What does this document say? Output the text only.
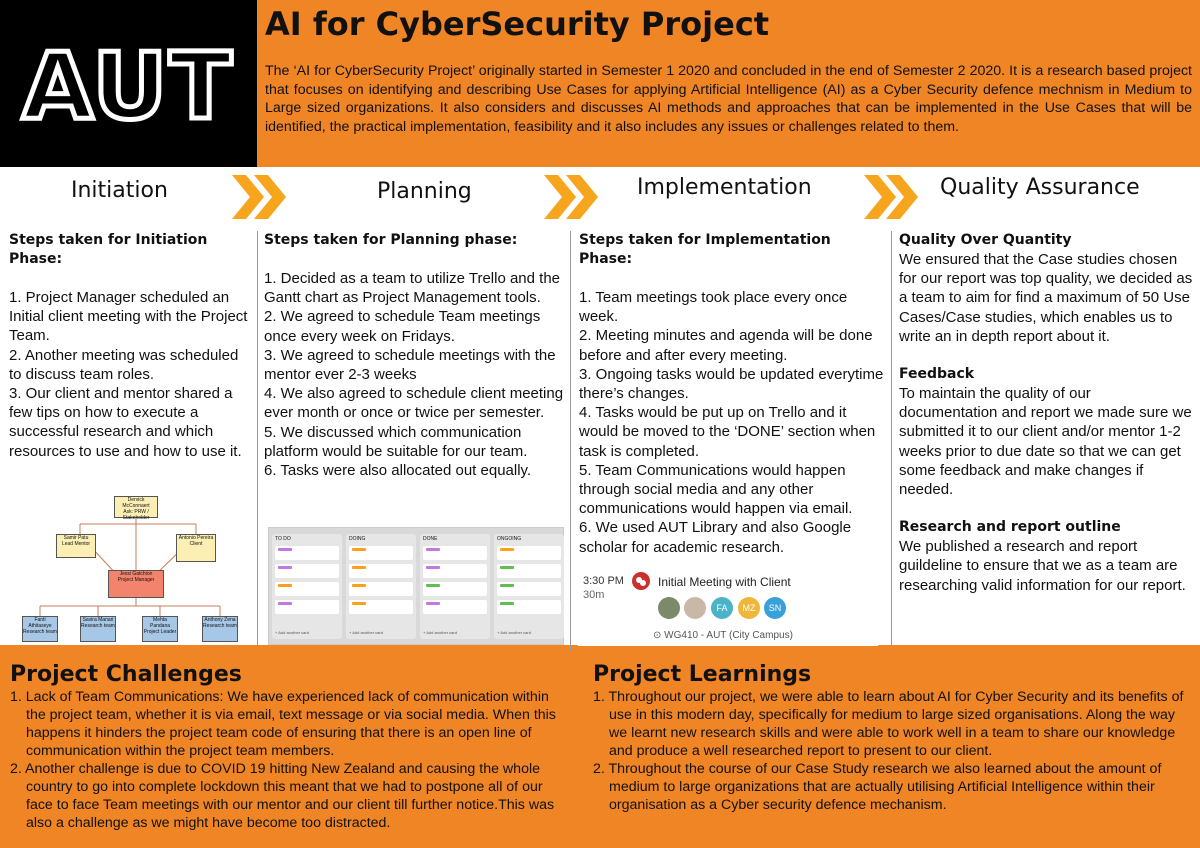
AUT
AI for CyberSecurity Project

The ‘AI for CyberSecurity Project’ originally started in Semester 1 2020 and concluded in the end of Semester 2 2020. It is a research based project that focuses on identifying and describing Use Cases for applying Artificial Intelligence (AI) as a Cyber Security defence mechnism in Medium to Large sized organizations. It also considers and discusses AI methods and approaches that can be implemented in the Use Cases that will be identified, the practical implementation, feasibility and it also includes any issues or challenges related to them.

Initiation	Planning	Implementation	Quality Assurance
Steps taken for Initiation Phase:
1. Project Manager scheduled an Initial client meeting with the Project Team.
2. Another meeting was scheduled to discuss team roles.
3. Our client and mentor shared a few tips on how to execute a successful research and which resources to use and how to use it.
Dervick McConnaert
Ask: PRW / Stakeholder
Samir Patu
Lead Mentor
Antonio Pereira
Client
Jessi Gatchion
Project Manager
Fanti Athitaseye
Research team
Savira Manari
Research team
Mehta Pandana
Project Leader
Anthony Zena
Research team
Steps taken for Planning phase:
1. Decided as a team to utilize Trello and the Gantt chart as Project Management tools.
2. We agreed to schedule Team meetings once every week on Fridays.
3. We agreed to schedule meetings with the mentor ever 2-3 weeks
4. We also agreed to schedule client meeting ever month or once or twice per semester.
5. We discussed which communication platform would be suitable for our team.
6. Tasks were also allocated out equally.
TO DO
+ Add another card
DOING
+ Add another card
DONE
+ Add another card
ONGOING
+ Add another card
Steps taken for Implementation Phase:
1. Team meetings took place every once week.
2. Meeting minutes and agenda will be done before and after every meeting.
3. Ongoing tasks would be updated everytime there’s changes.
4. Tasks would be put up on Trello and it would be moved to the ‘DONE’ section when task is completed.
5. Team Communications would happen through social media and any other communications would happen via email.
6. We used AUT Library and also Google scholar for academic research.
3:30 PM
30m
Initial Meeting with Client
FA	MZ	SN
⊙ WG410 - AUT (City Campus)
Quality Over Quantity
We ensured that the Case studies chosen for our report was top quality, we decided as a team to aim for find a maximum of 50 Use Cases/Case studies, which enables us to write an in depth report about it.
Feedback
To maintain the quality of our documentation and report we made sure we submitted it to our client and/or mentor 1-2 weeks prior to due date so that we can get some feedback and make changes if needed.
Research and report outline
We published a research and report guildeline to ensure that we as a team are researching valid information for our report.
Project Challenges
1. Lack of Team Communications: We have experienced lack of communication within the project team, whether it is via email, text message or via social media. When this happens it hinders the project team code of ensuring that there is an open line of communication within the project team members.
2. Another challenge is due to COVID 19 hitting New Zealand and causing the whole country to go into complete lockdown this meant that we had to postpone all of our face to face Team meetings with our mentor and our client till further notice.This was also a challenge as we might have become too distracted.
Project Learnings
1. Throughout our project, we were able to learn about AI for Cyber Security and its benefits of use in this modern day, specifically for medium to large sized organisations. Along the way we learnt new research skills and were able to work well in a team to share our knowledge and produce a well researched report to present to our client.
2. Throughout the course of our Case Study research we also learned about the amount of medium to large organizations that are actually utilising Artificial Intelligence within their organisation as a Cyber security defence mechanism.
